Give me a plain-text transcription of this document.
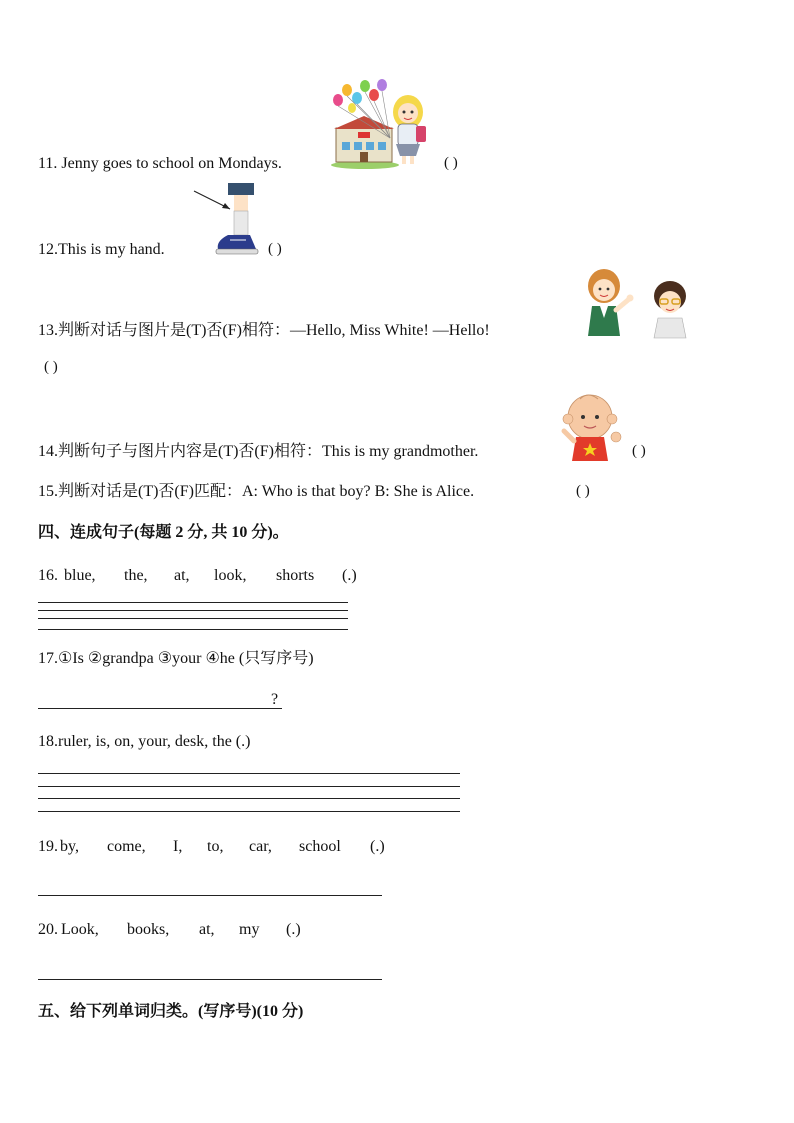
11. Jenny goes to school on Mondays.	( )
12.This is my hand.	( )
13.判断对话与图片是(T)否(F)相符：—Hello, Miss White! —Hello!
( )
14.判断句子与图片内容是(T)否(F)相符：This is my grandmother.	( )
15.判断对话是(T)否(F)匹配：A: Who is that boy? B: She is Alice.	( )
四、连成句子(每题 2 分, 共 10 分)。
16. blue, the, at, look, shorts (.)
17.①Is ②grandpa ③your ④he (只写序号)
?
18.ruler, is, on, your, desk, the (.)
19. by, come, I, to, car, school (.)
20. Look, books, at, my (.)
五、给下列单词归类。(写序号)(10 分)
